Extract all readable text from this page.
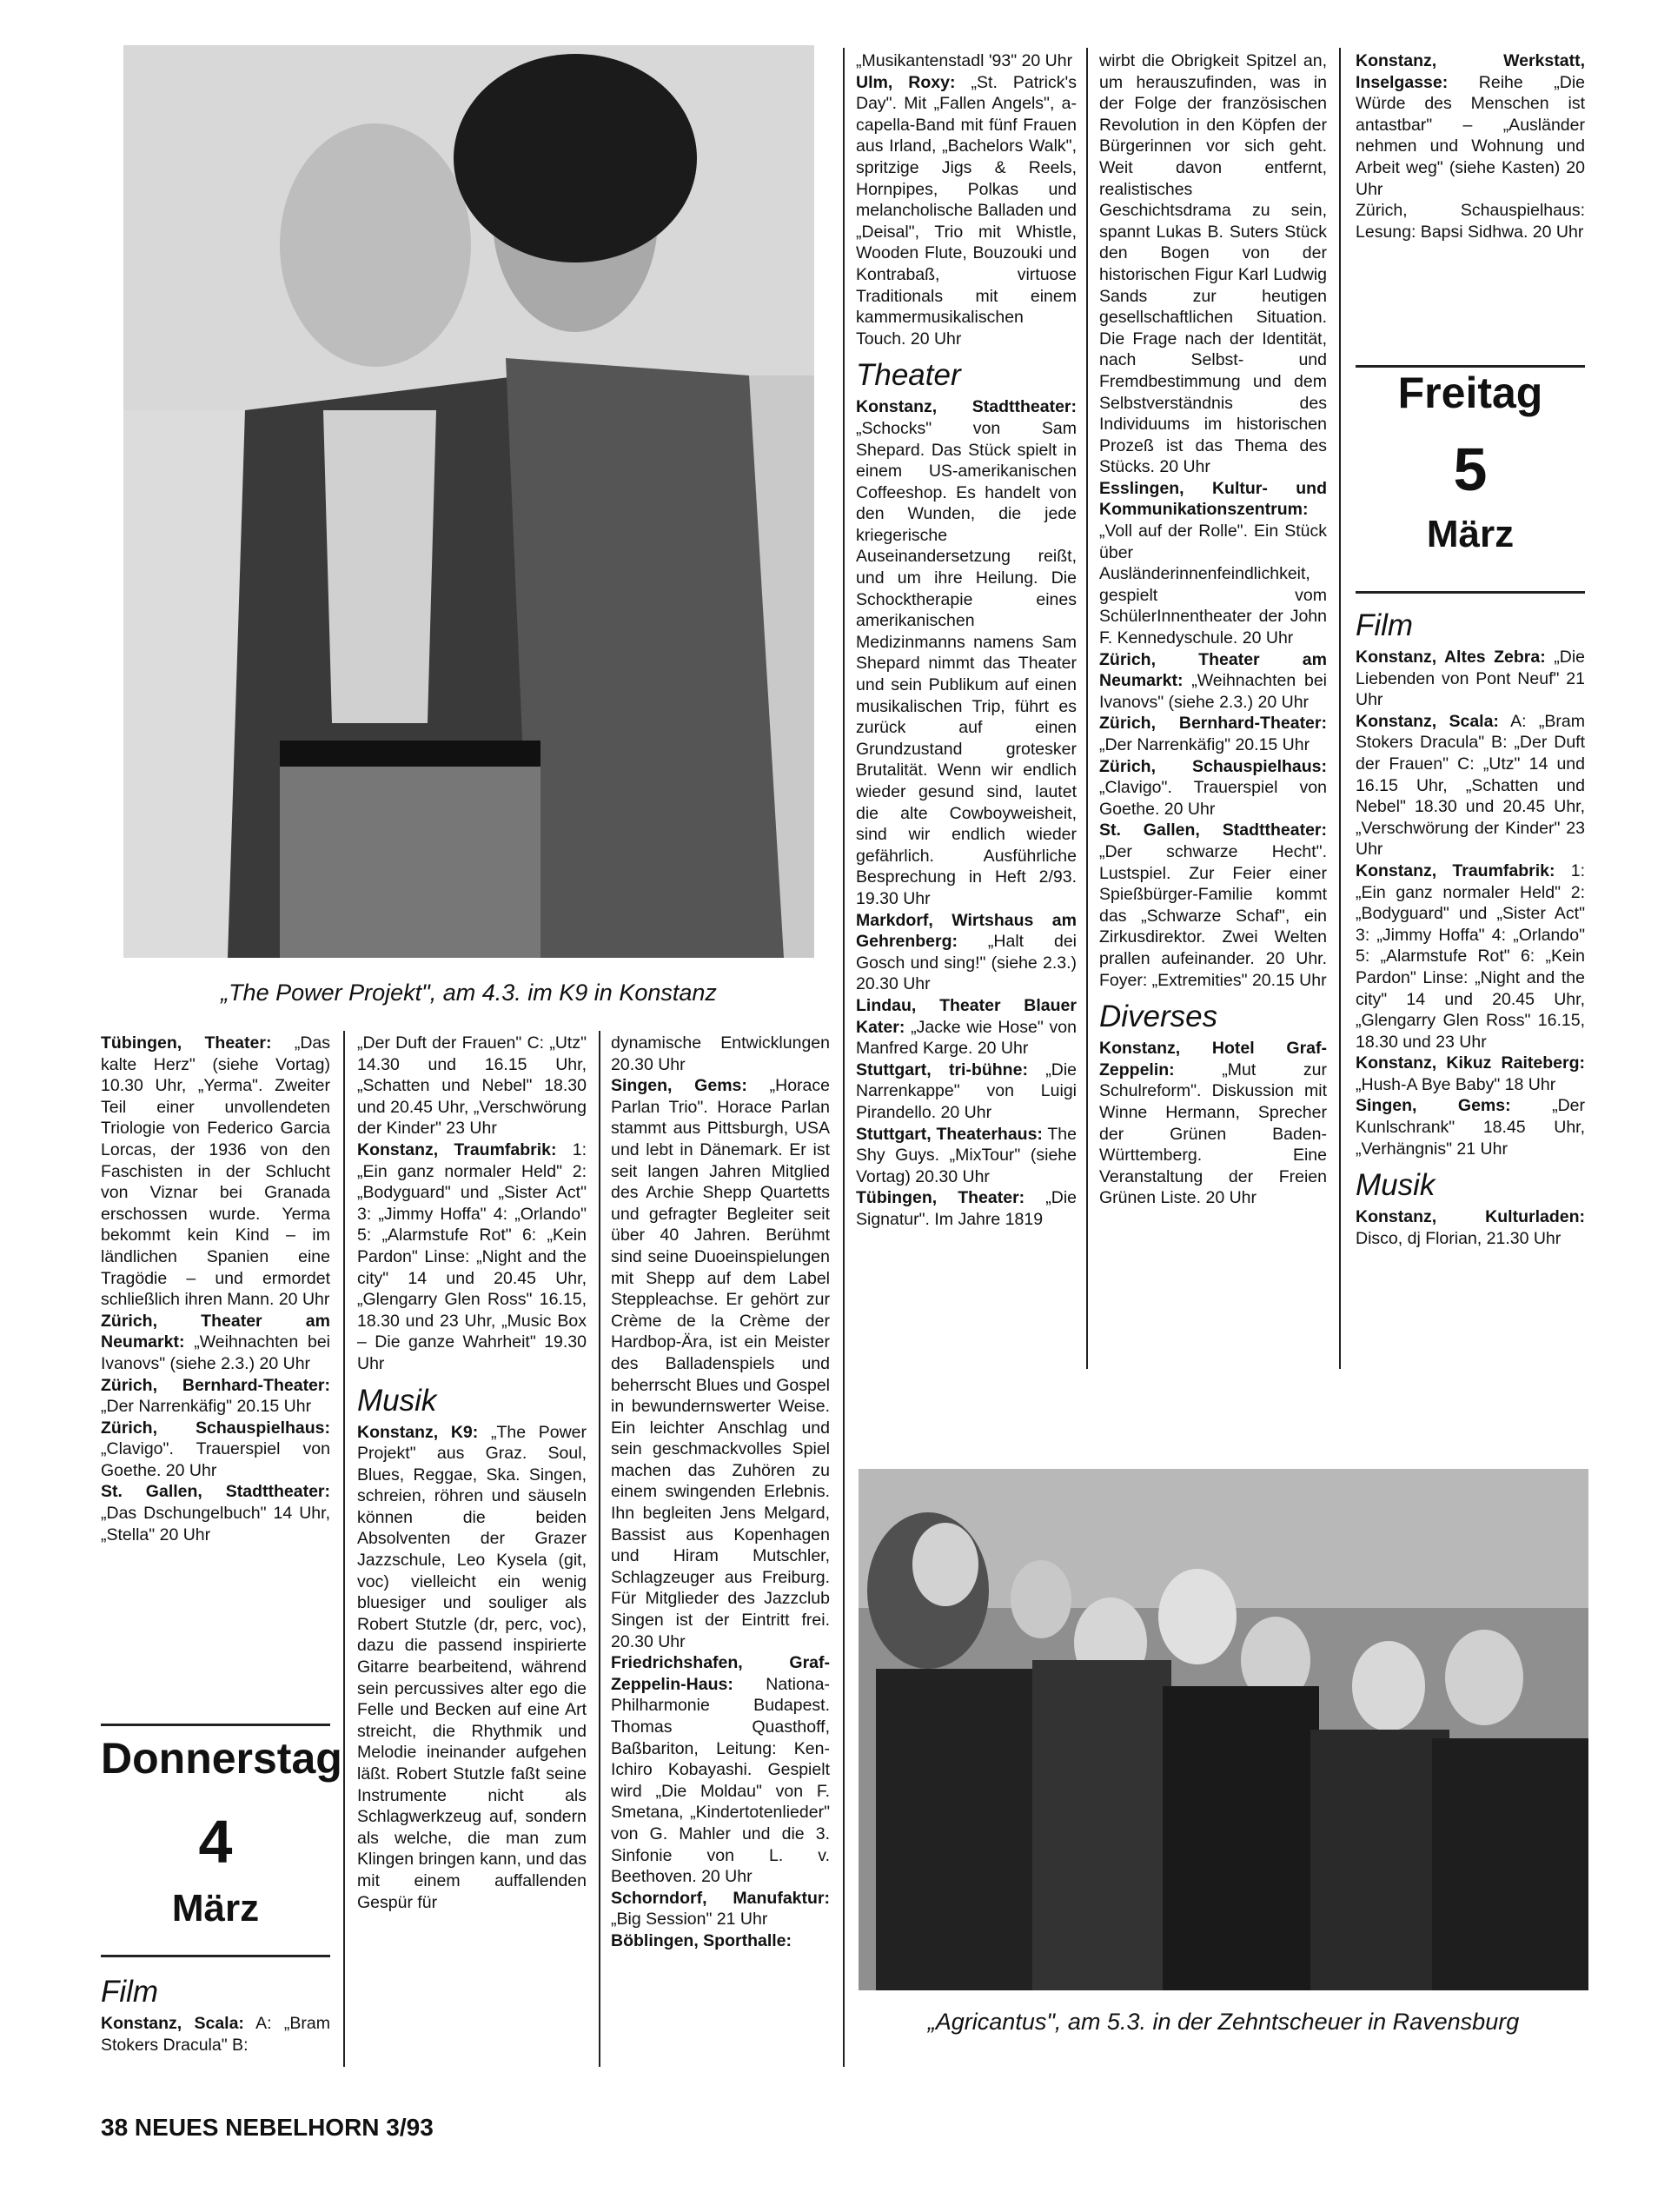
„The Power Projekt", am 4.3. im K9 in Konstanz

Tübingen, Theater: „Das kalte Herz" (siehe Vortag) 10.30 Uhr, „Yerma". Zweiter Teil einer unvollendeten Triologie von Federico Garcia Lorcas, der 1936 von den Faschisten in der Schlucht von Viznar bei Granada erschossen wurde. Yerma bekommt kein Kind – im ländlichen Spanien eine Tragödie – und ermordet schließlich ihren Mann. 20 Uhr

Zürich, Theater am Neumarkt: „Weihnachten bei Ivanovs" (siehe 2.3.) 20 Uhr

Zürich, Bernhard-Theater: „Der Narrenkäfig" 20.15 Uhr

Zürich, Schauspielhaus: „Clavigo". Trauerspiel von Goethe. 20 Uhr

St. Gallen, Stadttheater: „Das Dschungelbuch" 14 Uhr, „Stella" 20 Uhr

Donnerstag
4
März
Film

Konstanz, Scala: A: „Bram Stokers Dracula" B:

„Der Duft der Frauen" C: „Utz" 14.30 und 16.15 Uhr, „Schatten und Nebel" 18.30 und 20.45 Uhr, „Verschwörung der Kinder" 23 Uhr

Konstanz, Traumfabrik: 1: „Ein ganz normaler Held" 2: „Bodyguard" und „Sister Act" 3: „Jimmy Hoffa" 4: „Orlando" 5: „Alarmstufe Rot" 6: „Kein Pardon" Linse: „Night and the city" 14 und 20.45 Uhr, „Glengarry Glen Ross" 16.15, 18.30 und 23 Uhr, „Music Box – Die ganze Wahrheit" 19.30 Uhr

Musik

Konstanz, K9: „The Power Projekt" aus Graz. Soul, Blues, Reggae, Ska. Singen, schreien, röhren und säuseln können die beiden Absolventen der Grazer Jazzschule, Leo Kysela (git, voc) vielleicht ein wenig bluesiger und souliger als Robert Stutzle (dr, perc, voc), dazu die passend inspirierte Gitarre bearbeitend, während sein percussives alter ego die Felle und Becken auf eine Art streicht, die Rhythmik und Melodie ineinander aufgehen läßt. Robert Stutzle faßt seine Instrumente nicht als Schlagwerkzeug auf, sondern als welche, die man zum Klingen bringen kann, und das mit einem auffallenden Gespür für

dynamische Entwicklungen 20.30 Uhr

Singen, Gems: „Horace Parlan Trio". Horace Parlan stammt aus Pittsburgh, USA und lebt in Dänemark. Er ist seit langen Jahren Mitglied des Archie Shepp Quartetts und gefragter Begleiter seit über 40 Jahren. Berühmt sind seine Duoeinspielungen mit Shepp auf dem Label Steppleachse. Er gehört zur Crème de la Crème der Hardbop-Ära, ist ein Meister des Balladenspiels und beherrscht Blues und Gospel in bewundernswerter Weise. Ein leichter Anschlag und sein geschmackvolles Spiel machen das Zuhören zu einem swingenden Erlebnis. Ihn begleiten Jens Melgard, Bassist aus Kopenhagen und Hiram Mutschler, Schlagzeuger aus Freiburg. Für Mitglieder des Jazzclub Singen ist der Eintritt frei. 20.30 Uhr

Friedrichshafen, Graf-Zeppelin-Haus: Nationa-Philharmonie Budapest. Thomas Quasthoff, Baßbariton, Leitung: Ken-Ichiro Kobayashi. Gespielt wird „Die Moldau" von F. Smetana, „Kindertotenlieder" von G. Mahler und die 3. Sinfonie von L. v. Beethoven. 20 Uhr

Schorndorf, Manufaktur: „Big Session" 21 Uhr

Böblingen, Sporthalle:

„Musikantenstadl '93" 20 Uhr

Ulm, Roxy: „St. Patrick's Day". Mit „Fallen Angels", a-capella-Band mit fünf Frauen aus Irland, „Bachelors Walk", spritzige Jigs & Reels, Hornpipes, Polkas und melancholische Balladen und „Deisal", Trio mit Whistle, Wooden Flute, Bouzouki und Kontrabaß, virtuose Traditionals mit einem kammermusikalischen Touch. 20 Uhr

Theater

Konstanz, Stadttheater: „Schocks" von Sam Shepard. Das Stück spielt in einem US-amerikanischen Coffeeshop. Es handelt von den Wunden, die jede kriegerische Auseinandersetzung reißt, und um ihre Heilung. Die Schocktherapie eines amerikanischen Medizinmanns namens Sam Shepard nimmt das Theater und sein Publikum auf einen musikalischen Trip, führt es zurück auf einen Grundzustand grotesker Brutalität. Wenn wir endlich wieder gesund sind, lautet die alte Cowboyweisheit, sind wir endlich wieder gefährlich. Ausführliche Besprechung in Heft 2/93. 19.30 Uhr

Markdorf, Wirtshaus am Gehrenberg: „Halt dei Gosch und sing!" (siehe 2.3.) 20.30 Uhr

Lindau, Theater Blauer Kater: „Jacke wie Hose" von Manfred Karge. 20 Uhr

Stuttgart, tri-bühne: „Die Narrenkappe" von Luigi Pirandello. 20 Uhr

Stuttgart, Theaterhaus: The Shy Guys. „MixTour" (siehe Vortag) 20.30 Uhr

Tübingen, Theater: „Die Signatur". Im Jahre 1819

wirbt die Obrigkeit Spitzel an, um herauszufinden, was in der Folge der französischen Revolution in den Köpfen der Bürgerinnen vor sich geht. Weit davon entfernt, realistisches Geschichtsdrama zu sein, spannt Lukas B. Suters Stück den Bogen von der historischen Figur Karl Ludwig Sands zur heutigen gesellschaftlichen Situation. Die Frage nach der Identität, nach Selbst- und Fremdbestimmung und dem Selbstverständnis des Individuums im historischen Prozeß ist das Thema des Stücks. 20 Uhr

Esslingen, Kultur- und Kommunikationszentrum: „Voll auf der Rolle". Ein Stück über Ausländerinnenfeindlichkeit, gespielt vom SchülerInnentheater der John F. Kennedyschule. 20 Uhr

Zürich, Theater am Neumarkt: „Weihnachten bei Ivanovs" (siehe 2.3.) 20 Uhr

Zürich, Bernhard-Theater: „Der Narrenkäfig" 20.15 Uhr

Zürich, Schauspielhaus: „Clavigo". Trauerspiel von Goethe. 20 Uhr

St. Gallen, Stadttheater: „Der schwarze Hecht". Lustspiel. Zur Feier einer Spießbürger-Familie kommt das „Schwarze Schaf", ein Zirkusdirektor. Zwei Welten prallen aufeinander. 20 Uhr. Foyer: „Extremities" 20.15 Uhr

Diverses

Konstanz, Hotel Graf-Zeppelin: „Mut zur Schulreform". Diskussion mit Winne Hermann, Sprecher der Grünen Baden-Württemberg. Eine Veranstaltung der Freien Grünen Liste. 20 Uhr

Konstanz, Werkstatt, Inselgasse: Reihe „Die Würde des Menschen ist antastbar" – „Ausländer nehmen und Wohnung und Arbeit weg" (siehe Kasten) 20 Uhr

Zürich, Schauspielhaus: Lesung: Bapsi Sidhwa. 20 Uhr

Freitag
5
März
Film

Konstanz, Altes Zebra: „Die Liebenden von Pont Neuf" 21 Uhr

Konstanz, Scala: A: „Bram Stokers Dracula" B: „Der Duft der Frauen" C: „Utz" 14 und 16.15 Uhr, „Schatten und Nebel" 18.30 und 20.45 Uhr, „Verschwörung der Kinder" 23 Uhr

Konstanz, Traumfabrik: 1: „Ein ganz normaler Held" 2: „Bodyguard" und „Sister Act" 3: „Jimmy Hoffa" 4: „Orlando" 5: „Alarmstufe Rot" 6: „Kein Pardon" Linse: „Night and the city" 14 und 20.45 Uhr, „Glengarry Glen Ross" 16.15, 18.30 und 23 Uhr

Konstanz, Kikuz Raiteberg: „Hush-A Bye Baby" 18 Uhr

Singen, Gems: „Der Kunlschrank" 18.45 Uhr, „Verhängnis" 21 Uhr

Musik

Konstanz, Kulturladen: Disco, dj Florian, 21.30 Uhr

„Agricantus", am 5.3. in der Zehntscheuer in Ravensburg
38 NEUES NEBELHORN 3/93
